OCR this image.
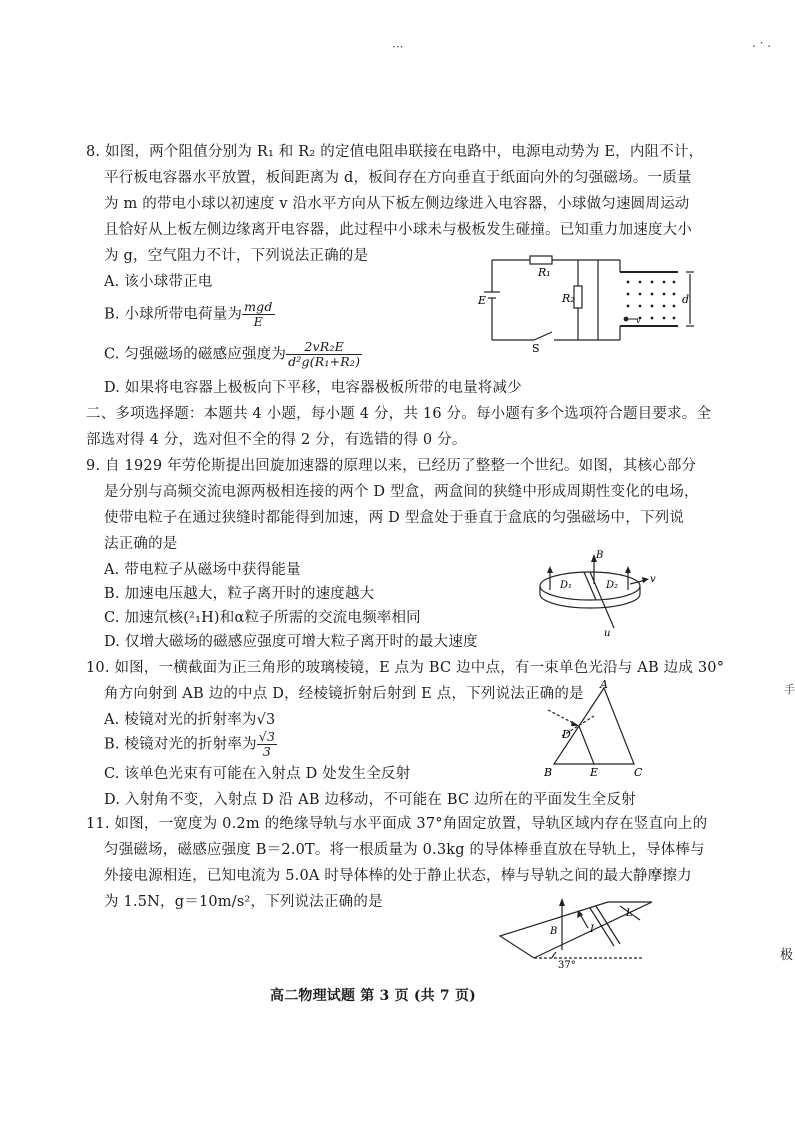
···	. · .
8. 如图，两个阻值分别为 R₁ 和 R₂ 的定值电阻串联接在电路中，电源电动势为 E，内阻不计，
平行板电容器水平放置，板间距离为 d，板间存在方向垂直于纸面向外的匀强磁场。一质量
为 m 的带电小球以初速度 v 沿水平方向从下板左侧边缘进入电容器，小球做匀速圆周运动
且恰好从上板左侧边缘离开电容器，此过程中小球未与极板发生碰撞。已知重力加速度大小
为 g，空气阻力不计，下列说法正确的是
A. 该小球带正电
B. 小球所带电荷量为 $\frac{\text{mgd}}{E}$
C. 匀强磁场的磁感应强度为 $\frac{\text{2vR₂E}}{\text{d²g(R₁+R₂)}}$
D. 如果将电容器上极板向下平移，电容器极板所带的电量将减少
R₁
R₂
E
S
d
v
二、多项选择题：本题共 4 小题，每小题 4 分，共 16 分。每小题有多个选项符合题目要求。全
部选对得 4 分，选对但不全的得 2 分，有选错的得 0 分。
9. 自 1929 年劳伦斯提出回旋加速器的原理以来，已经历了整整一个世纪。如图，其核心部分
是分别与高频交流电源两极相连接的两个 D 型盒，两盒间的狭缝中形成周期性变化的电场，
使带电粒子在通过狭缝时都能得到加速，两 D 型盒处于垂直于盒底的匀强磁场中，下列说
法正确的是
A. 带电粒子从磁场中获得能量
B. 加速电压越大，粒子离开时的速度越大
C. 加速氘核(²₁H)和α粒子所需的交流电频率相同
D. 仅增大磁场的磁感应强度可增大粒子离开时的最大速度
B
D₁	D₂
v
u
10. 如图，一横截面为正三角形的玻璃棱镜，E 点为 BC 边中点，有一束单色光沿与 AB 边成 30°
角方向射到 AB 边的中点 D，经棱镜折射后射到 E 点，下列说法正确的是
A. 棱镜对光的折射率为√3
B. 棱镜对光的折射率为 $\frac{√3}{3}$
C. 该单色光束有可能在入射点 D 处发生全反射
D. 入射角不变，入射点 D 沿 AB 边移动，不可能在 BC 边所在的平面发生全反射
A
B	C
D
E
11. 如图，一宽度为 0.2m 的绝缘导轨与水平面成 37°角固定放置，导轨区域内存在竖直向上的
匀强磁场，磁感应强度 B＝2.0T。将一根质量为 0.3kg 的导体棒垂直放在导轨上，导体棒与
外接电源相连，已知电流为 5.0A 时导体棒的处于静止状态，棒与导轨之间的最大静摩擦力
为 1.5N，g＝10m/s²，下列说法正确的是
B	I
L
37°
高二物理试题 第 3 页 (共 7 页)
极
手
